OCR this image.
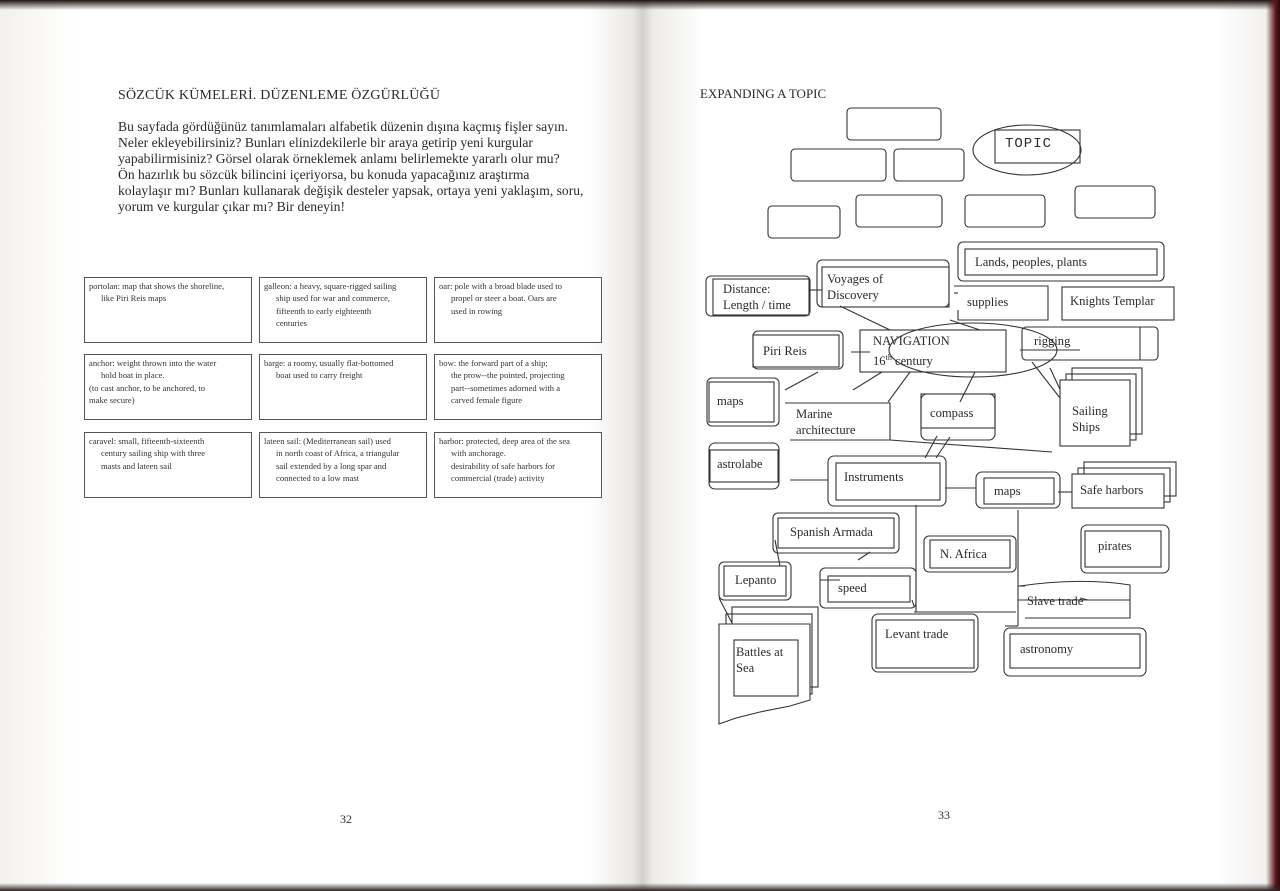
SÖZCÜK KÜMELERİ. DÜZENLEME ÖZGÜRLÜĞÜ
Bu sayfada gördüğünüz tanımlamaları alfabetik düzenin dışına kaçmış fişler sayın.
Neler ekleyebilirsiniz? Bunları elinizdekilerle bir araya getirip yeni kurgular
yapabilirmisiniz? Görsel olarak örneklemek anlamı belirlemekte yararlı olur mu?
Ön hazırlık bu sözcük bilincini içeriyorsa, bu konuda yapacağınız araştırma
kolaylaşır mı? Bunları kullanarak değişik desteler yapsak, ortaya yeni yaklaşım, soru,
yorum ve kurgular çıkar mı? Bir deneyin!
portolan: map that shows the shoreline,
like Piri Reis maps
galleon: a heavy, square-rigged sailing
ship used for war and commerce,
fifteenth to early eighteenth
centuries
oar: pole with a broad blade used to
propel or steer a boat. Oars are
used in rowing
anchor: weight thrown into the water
hold boat in place.
(to cast anchor, to be anchored, to
make secure)
barge: a roomy, usually flat-bottomed
boat used to carry freight
bow: the forward part of a ship;
the prow--the pointed, projecting
part--sometimes adorned with a
carved female figure
caravel: small, fifteenth-sixteenth
century sailing ship with three
masts and lateen sail
lateen sail: (Mediterranean sail) used
in north coast of Africa, a triangular
sail extended by a long spar and
connected to a low mast
harbor: protected, deep area of the sea
with anchorage.
desirability of safe harbors for
commercial (trade) activity
32
EXPANDING A TOPIC
TOPIC
Lands, peoples, plants
Voyages of
Discovery
Distance:
Length / time	supplies	Knights Templar
NAVIGATION
16th century
Piri Reis
rigging
maps
Marine
architecture
compass	Sailing
Ships
astrolabe
Instruments
maps	Safe harbors
Spanish Armada
N. Africa
pirates
Lepanto
speed
Slave trade
Levant trade
astronomy
Battles at
Sea
33
